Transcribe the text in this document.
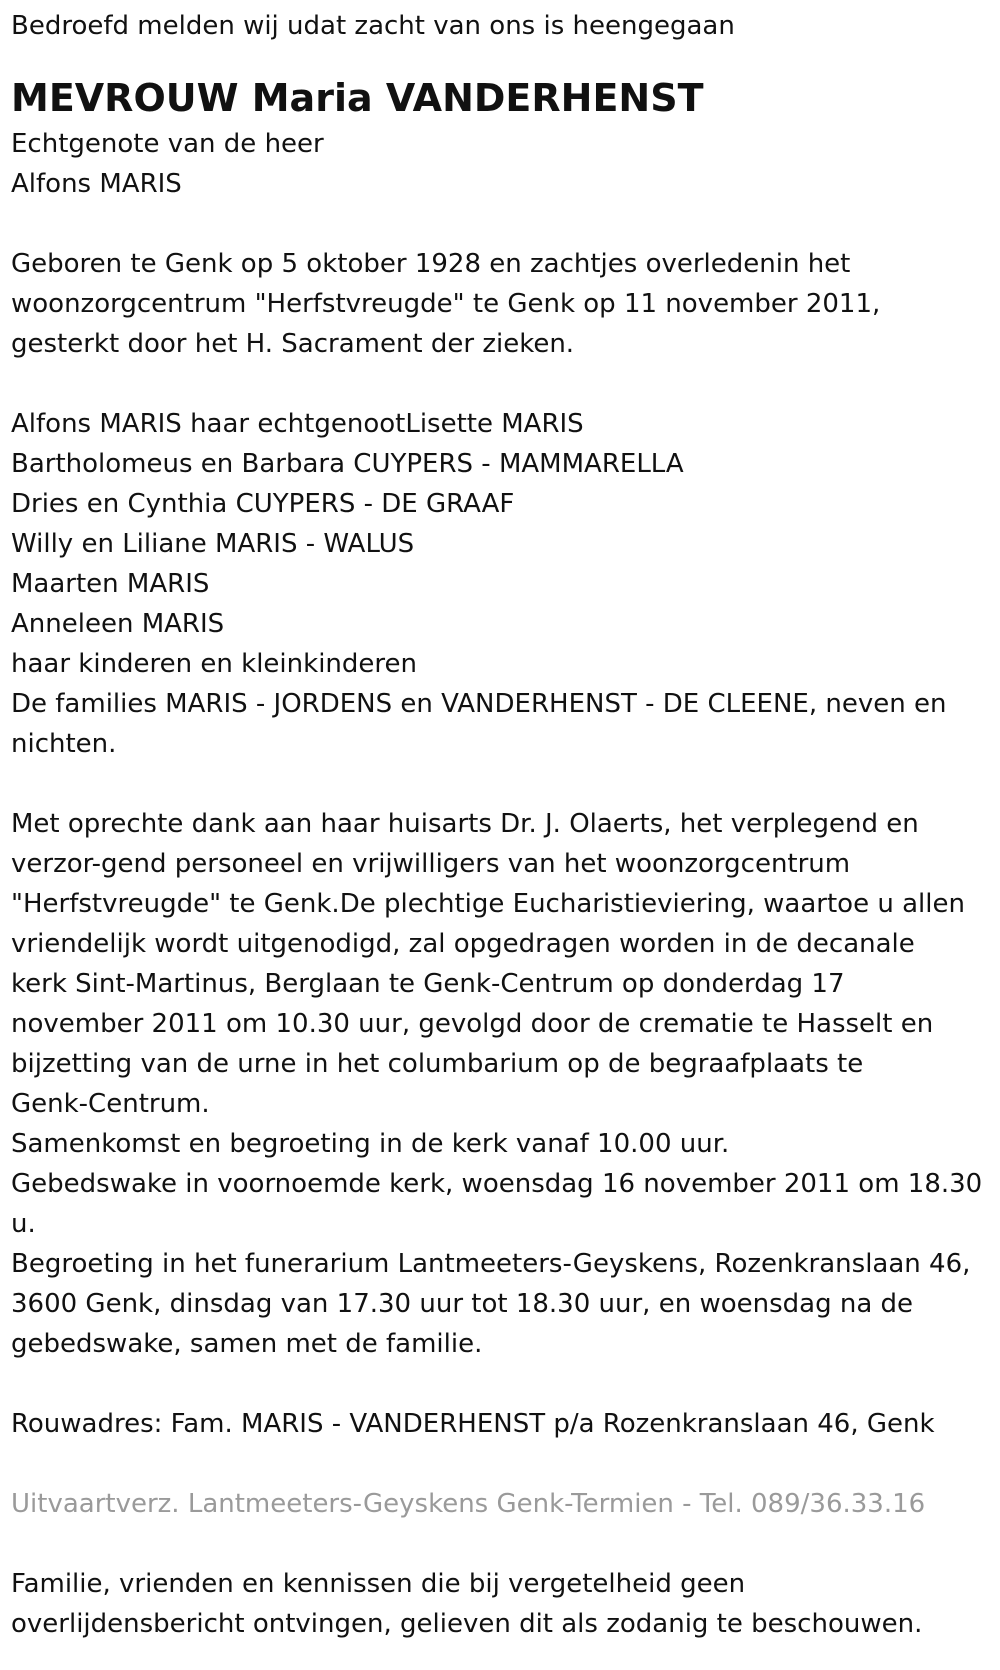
Bedroefd melden wij udat zacht van ons is heengegaan

MEVROUW Maria VANDERHENST

Echtgenote van de heer

Alfons MARIS

Geboren te Genk op 5 oktober 1928 en zachtjes overledenin het

woonzorgcentrum "Herfstvreugde" te Genk op 11 november 2011,

gesterkt door het H. Sacrament der zieken.

Alfons MARIS haar echtgenootLisette MARIS

Bartholomeus en Barbara CUYPERS - MAMMARELLA

Dries en Cynthia CUYPERS - DE GRAAF

Willy en Liliane MARIS - WALUS

Maarten MARIS

Anneleen MARIS

haar kinderen en kleinkinderen

De families MARIS - JORDENS en VANDERHENST - DE CLEENE, neven en

nichten.

Met oprechte dank aan haar huisarts Dr. J. Olaerts, het verplegend en

verzor-gend personeel en vrijwilligers van het woonzorgcentrum

"Herfstvreugde" te Genk.De plechtige Eucharistieviering, waartoe u allen

vriendelijk wordt uitgenodigd, zal opgedragen worden in de decanale

kerk Sint-Martinus, Berglaan te Genk-Centrum op donderdag 17

november 2011 om 10.30 uur, gevolgd door de crematie te Hasselt en

bijzetting van de urne in het columbarium op de begraafplaats te

Genk-Centrum.

Samenkomst en begroeting in de kerk vanaf 10.00 uur.

Gebedswake in voornoemde kerk, woensdag 16 november 2011 om 18.30

u.

Begroeting in het funerarium Lantmeeters-Geyskens, Rozenkranslaan 46,

3600 Genk, dinsdag van 17.30 uur tot 18.30 uur, en woensdag na de

gebedswake, samen met de familie.

Rouwadres: Fam. MARIS - VANDERHENST p/a Rozenkranslaan 46, Genk

Uitvaartverz. Lantmeeters-Geyskens Genk-Termien - Tel. 089/36.33.16

Familie, vrienden en kennissen die bij vergetelheid geen

overlijdensbericht ontvingen, gelieven dit als zodanig te beschouwen.
